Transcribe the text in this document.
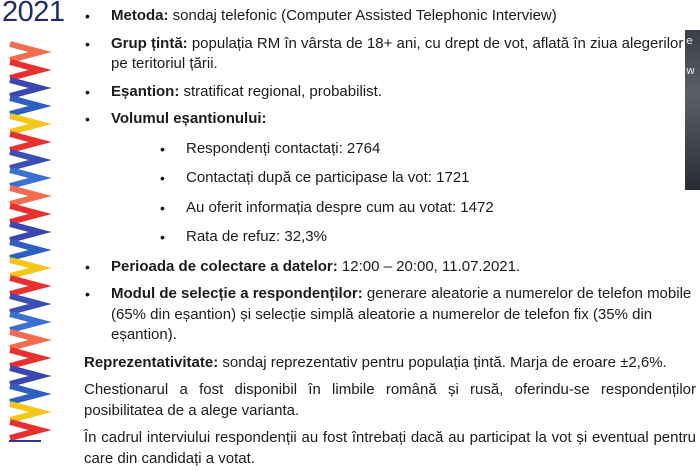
2021 • Metoda: sondaj telefonic (Computer Assisted Telephonic Interview)

• Grup țintă: populația RM în vârsta de 18+ ani, cu drept de vot, aflată în ziua alegerilor pe teritoriul țării.

• Eșantion: stratificat regional, probabilist.

• Volumul eșantionului:

• Respondenți contactați: 2764

• Contactați după ce participase la vot: 1721

• Au oferit informația despre cum au votat: 1472

• Rata de refuz: 32,3%

• Perioada de colectare a datelor: 12:00 – 20:00, 11.07.2021.

• Modul de selecție a respondenților: generare aleatorie a numerelor de telefon mobile (65% din eșantion) și selecție simplă aleatorie a numerelor de telefon fix (35% din eșantion).

Reprezentativitate: sondaj reprezentativ pentru populația țintă. Marja de eroare ±2,6%.

Chestionarul a fost disponibil în limbile română și rusă, oferindu-se respondenților posibilitatea de a alege varianta.

În cadrul interviului respondenții au fost întrebați dacă au participat la vot și eventual pentru care din candidați a votat.

e
w
